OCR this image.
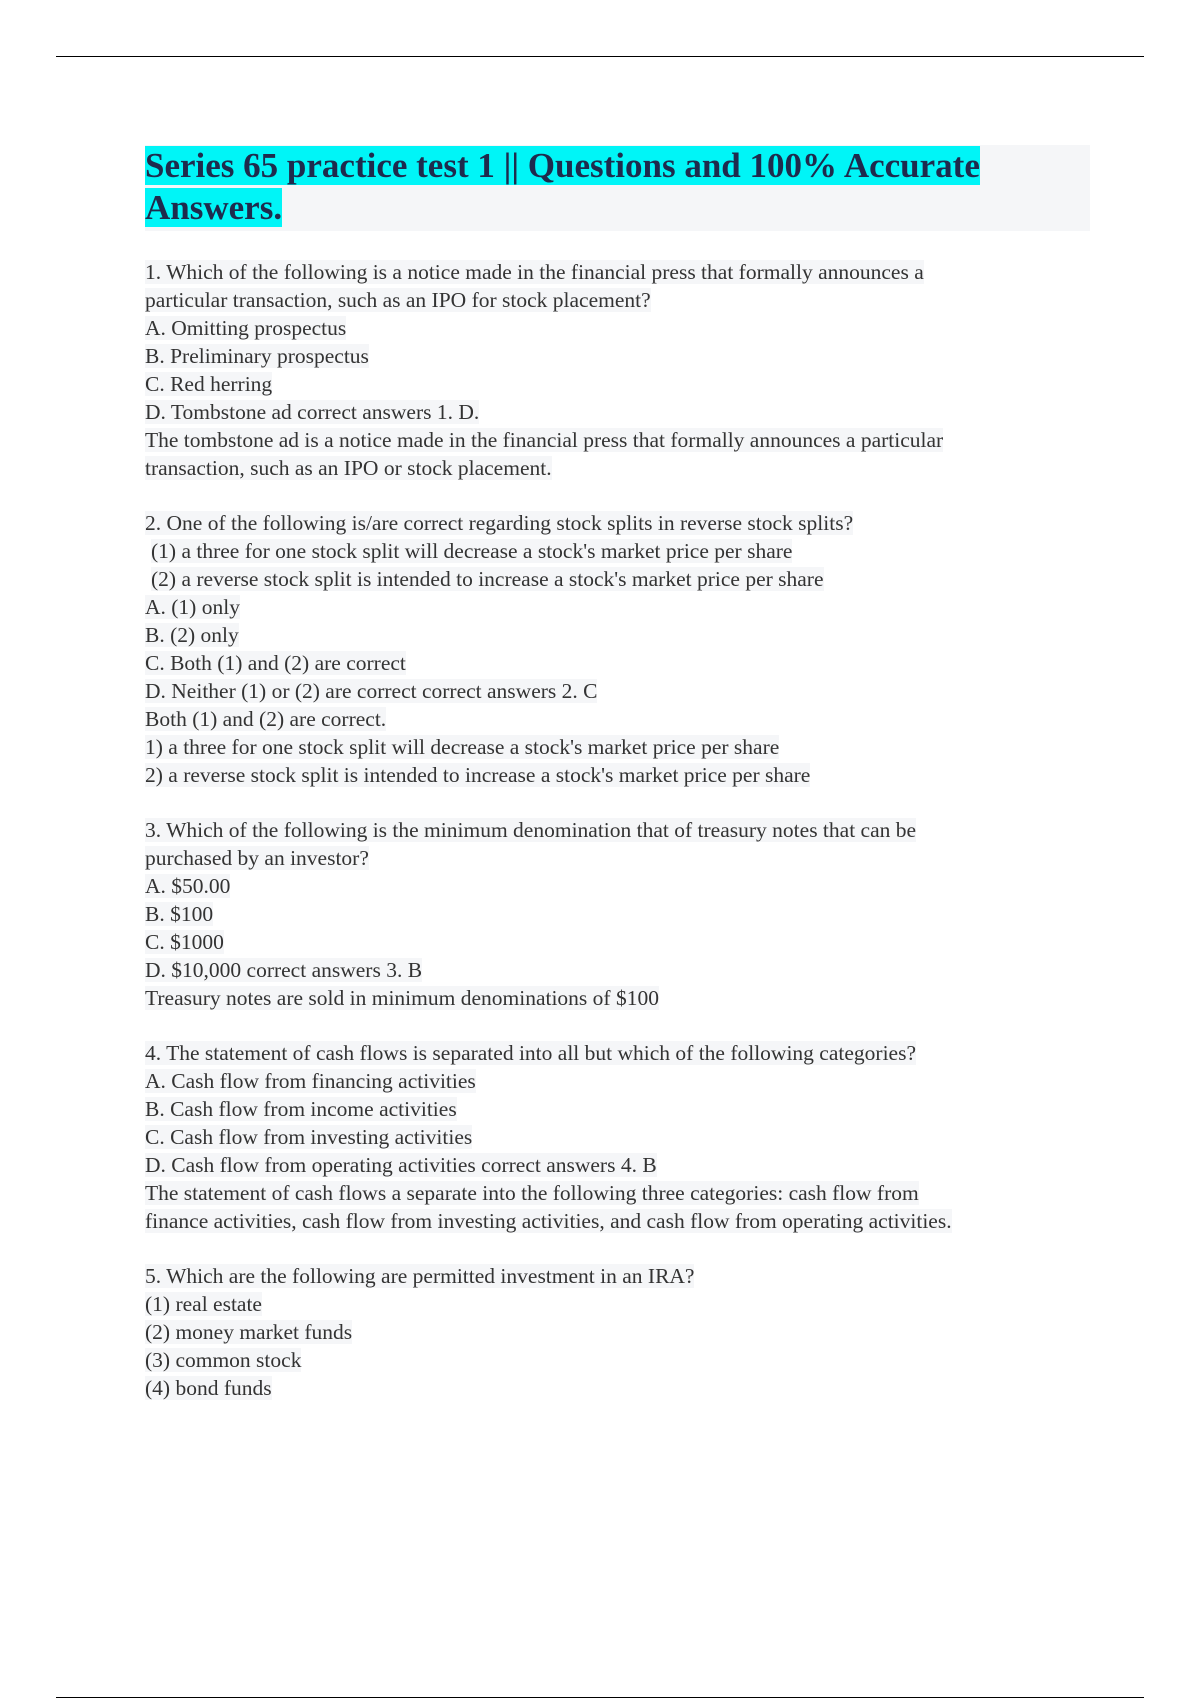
Series 65 practice test 1 || Questions and 100% Accurate Answers.
1. Which of the following is a notice made in the financial press that formally announces a
particular transaction, such as an IPO for stock placement?
A. Omitting prospectus
B. Preliminary prospectus
C. Red herring
D. Tombstone ad correct answers 1. D.
The tombstone ad is a notice made in the financial press that formally announces a particular
transaction, such as an IPO or stock placement.
2. One of the following is/are correct regarding stock splits in reverse stock splits?
(1) a three for one stock split will decrease a stock's market price per share
(2) a reverse stock split is intended to increase a stock's market price per share
A. (1) only
B. (2) only
C. Both (1) and (2) are correct
D. Neither (1) or (2) are correct correct answers 2. C
Both (1) and (2) are correct.
1) a three for one stock split will decrease a stock's market price per share
2) a reverse stock split is intended to increase a stock's market price per share
3. Which of the following is the minimum denomination that of treasury notes that can be
purchased by an investor?
A. $50.00
B. $100
C. $1000
D. $10,000 correct answers 3. B
Treasury notes are sold in minimum denominations of $100
4. The statement of cash flows is separated into all but which of the following categories?
A. Cash flow from financing activities
B. Cash flow from income activities
C. Cash flow from investing activities
D. Cash flow from operating activities correct answers 4. B
The statement of cash flows a separate into the following three categories: cash flow from
finance activities, cash flow from investing activities, and cash flow from operating activities.
5. Which are the following are permitted investment in an IRA?
(1) real estate
(2) money market funds
(3) common stock
(4) bond funds
